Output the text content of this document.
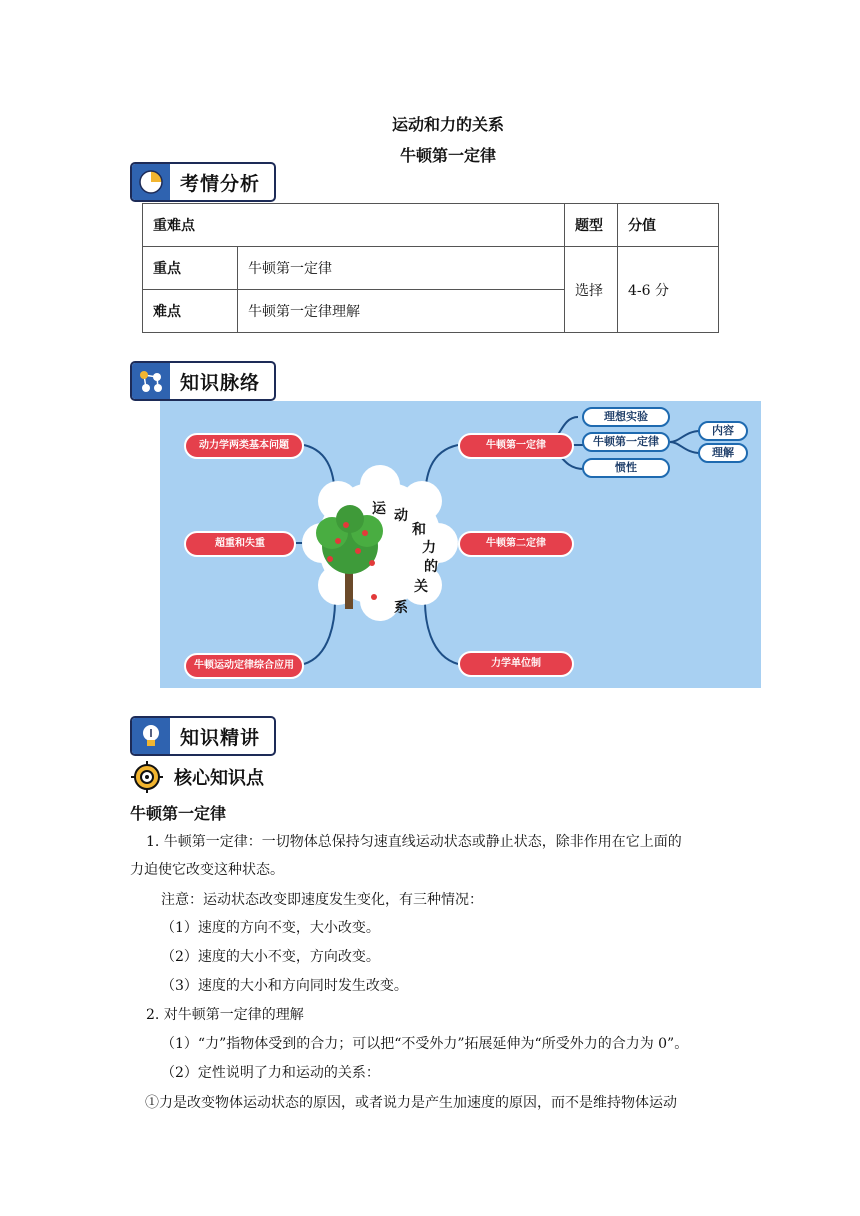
运动和力的关系
牛顿第一定律
考情分析
重难点		题型	分值
重点	牛顿第一定律	选择	4-6 分
难点	牛顿第一定律理解		
知识脉络
运 动
和
力
的
关
系
动力学两类基本问题
超重和失重
牛顿运动定律综合应用
牛顿第一定律
牛顿第二定律
力学单位制
理想实验
牛顿第一定律
惯性
内容
理解
知识精讲
核心知识点
牛顿第一定律
1. 牛顿第一定律：一切物体总保持匀速直线运动状态或静止状态，除非作用在它上面的
力迫使它改变这种状态。
注意：运动状态改变即速度发生变化，有三种情况：
（1）速度的方向不变，大小改变。
（2）速度的大小不变，方向改变。
（3）速度的大小和方向同时发生改变。
2. 对牛顿第一定律的理解
（1）“力”指物体受到的合力；可以把“不受外力”拓展延伸为“所受外力的合力为 0”。
（2）定性说明了力和运动的关系：
①力是改变物体运动状态的原因，或者说力是产生加速度的原因，而不是维持物体运动
